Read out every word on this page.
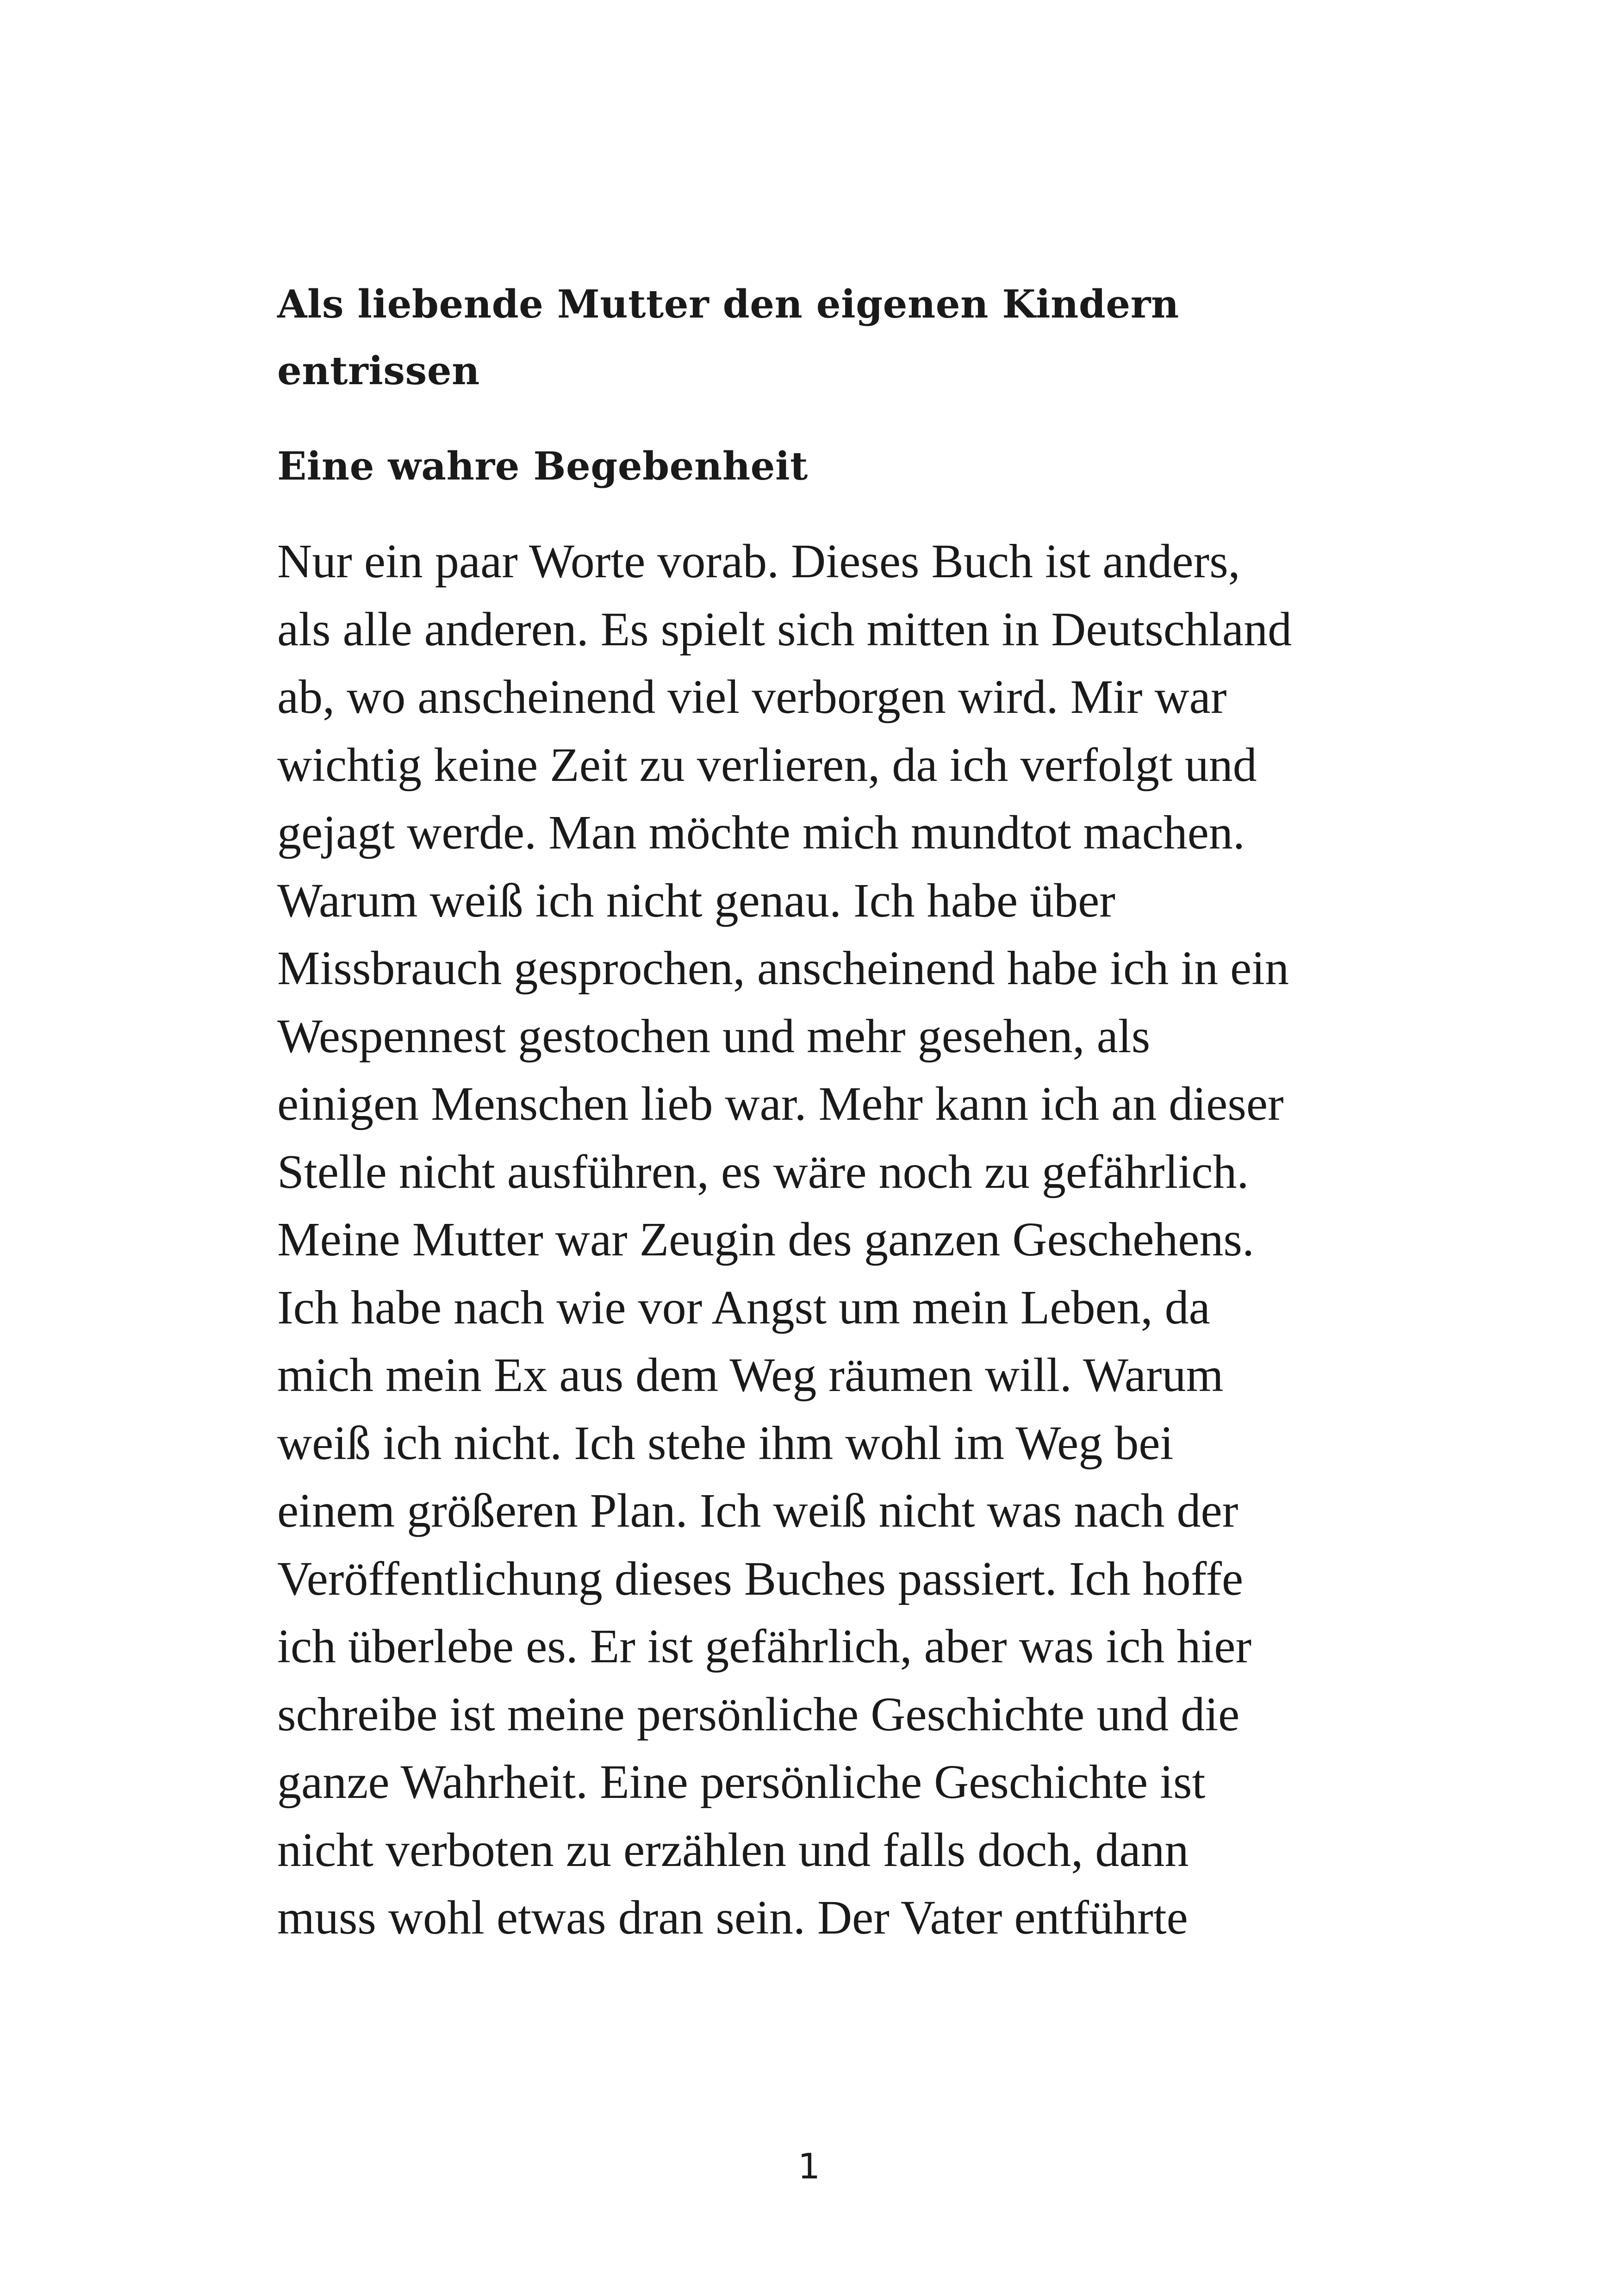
Als liebende Mutter den eigenen Kindern
entrissen
Eine wahre Begebenheit
Nur ein paar Worte vorab. Dieses Buch ist anders,
als alle anderen. Es spielt sich mitten in Deutschland
ab, wo anscheinend viel verborgen wird. Mir war
wichtig keine Zeit zu verlieren, da ich verfolgt und
gejagt werde. Man möchte mich mundtot machen.
Warum weiß ich nicht genau. Ich habe über
Missbrauch gesprochen, anscheinend habe ich in ein
Wespennest gestochen und mehr gesehen, als
einigen Menschen lieb war. Mehr kann ich an dieser
Stelle nicht ausführen, es wäre noch zu gefährlich.
Meine Mutter war Zeugin des ganzen Geschehens.
Ich habe nach wie vor Angst um mein Leben, da
mich mein Ex aus dem Weg räumen will. Warum
weiß ich nicht. Ich stehe ihm wohl im Weg bei
einem größeren Plan. Ich weiß nicht was nach der
Veröffentlichung dieses Buches passiert. Ich hoffe
ich überlebe es. Er ist gefährlich, aber was ich hier
schreibe ist meine persönliche Geschichte und die
ganze Wahrheit. Eine persönliche Geschichte ist
nicht verboten zu erzählen und falls doch, dann
muss wohl etwas dran sein. Der Vater entführte
1
